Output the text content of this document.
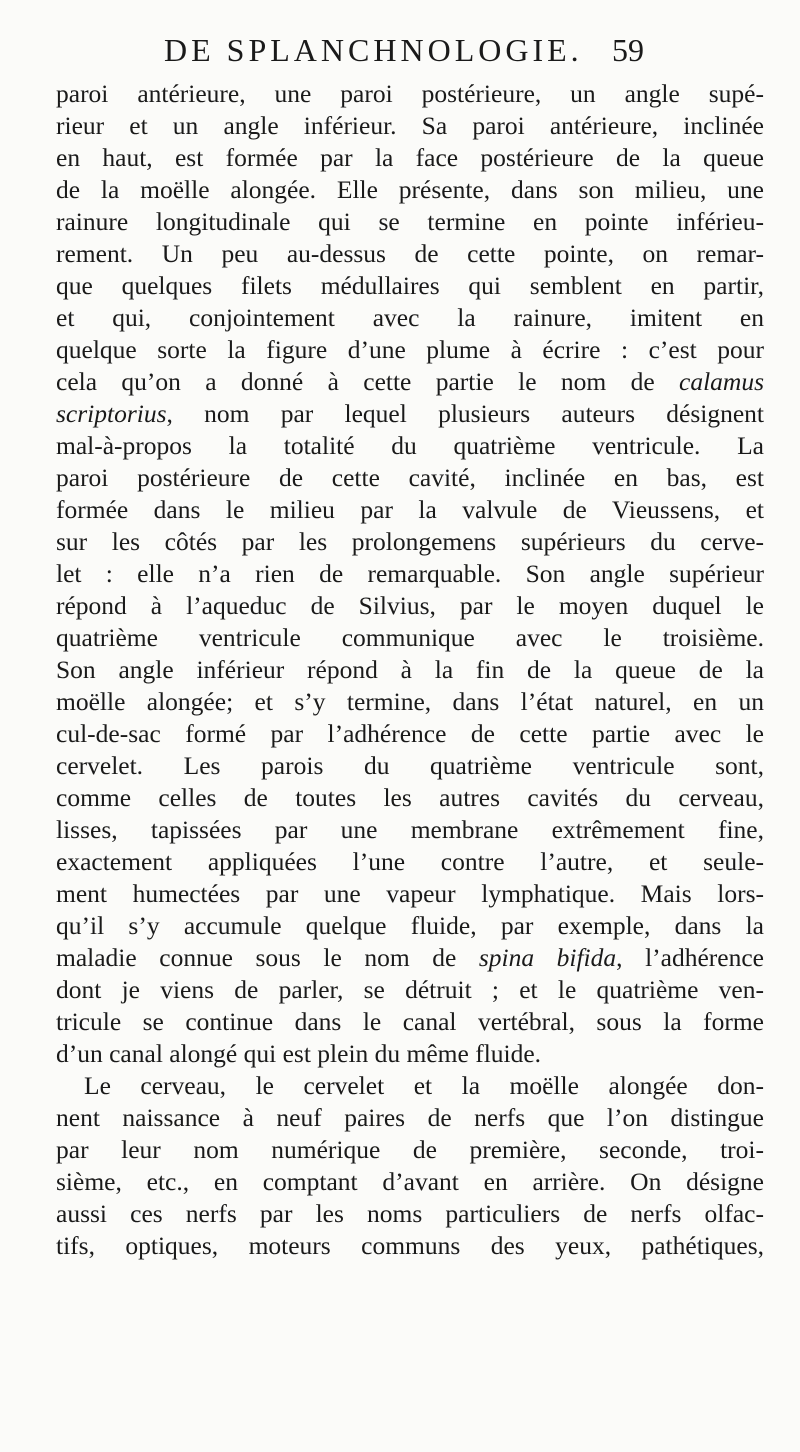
DE SPLANCHNOLOGIE. 59
paroi antérieure, une paroi postérieure, un angle supé-
rieur et un angle inférieur. Sa paroi antérieure, inclinée
en haut, est formée par la face postérieure de la queue
de la moëlle alongée. Elle présente, dans son milieu, une
rainure longitudinale qui se termine en pointe inférieu-
rement. Un peu au-dessus de cette pointe, on remar-
que quelques filets médullaires qui semblent en partir,
et qui, conjointement avec la rainure, imitent en
quelque sorte la figure d’une plume à écrire : c’est pour
cela qu’on a donné à cette partie le nom de calamus
scriptorius, nom par lequel plusieurs auteurs désignent
mal-à-propos la totalité du quatrième ventricule. La
paroi postérieure de cette cavité, inclinée en bas, est
formée dans le milieu par la valvule de Vieussens, et
sur les côtés par les prolongemens supérieurs du cerve-
let : elle n’a rien de remarquable. Son angle supérieur
répond à l’aqueduc de Silvius, par le moyen duquel le
quatrième ventricule communique avec le troisième.
Son angle inférieur répond à la fin de la queue de la
moëlle alongée; et s’y termine, dans l’état naturel, en un
cul-de-sac formé par l’adhérence de cette partie avec le
cervelet. Les parois du quatrième ventricule sont,
comme celles de toutes les autres cavités du cerveau,
lisses, tapissées par une membrane extrêmement fine,
exactement appliquées l’une contre l’autre, et seule-
ment humectées par une vapeur lymphatique. Mais lors-
qu’il s’y accumule quelque fluide, par exemple, dans la
maladie connue sous le nom de spina bifida, l’adhérence
dont je viens de parler, se détruit ; et le quatrième ven-
tricule se continue dans le canal vertébral, sous la forme
d’un canal alongé qui est plein du même fluide.
Le cerveau, le cervelet et la moëlle alongée don-
nent naissance à neuf paires de nerfs que l’on distingue
par leur nom numérique de première, seconde, troi-
sième, etc., en comptant d’avant en arrière. On désigne
aussi ces nerfs par les noms particuliers de nerfs olfac-
tifs, optiques, moteurs communs des yeux, pathétiques,
